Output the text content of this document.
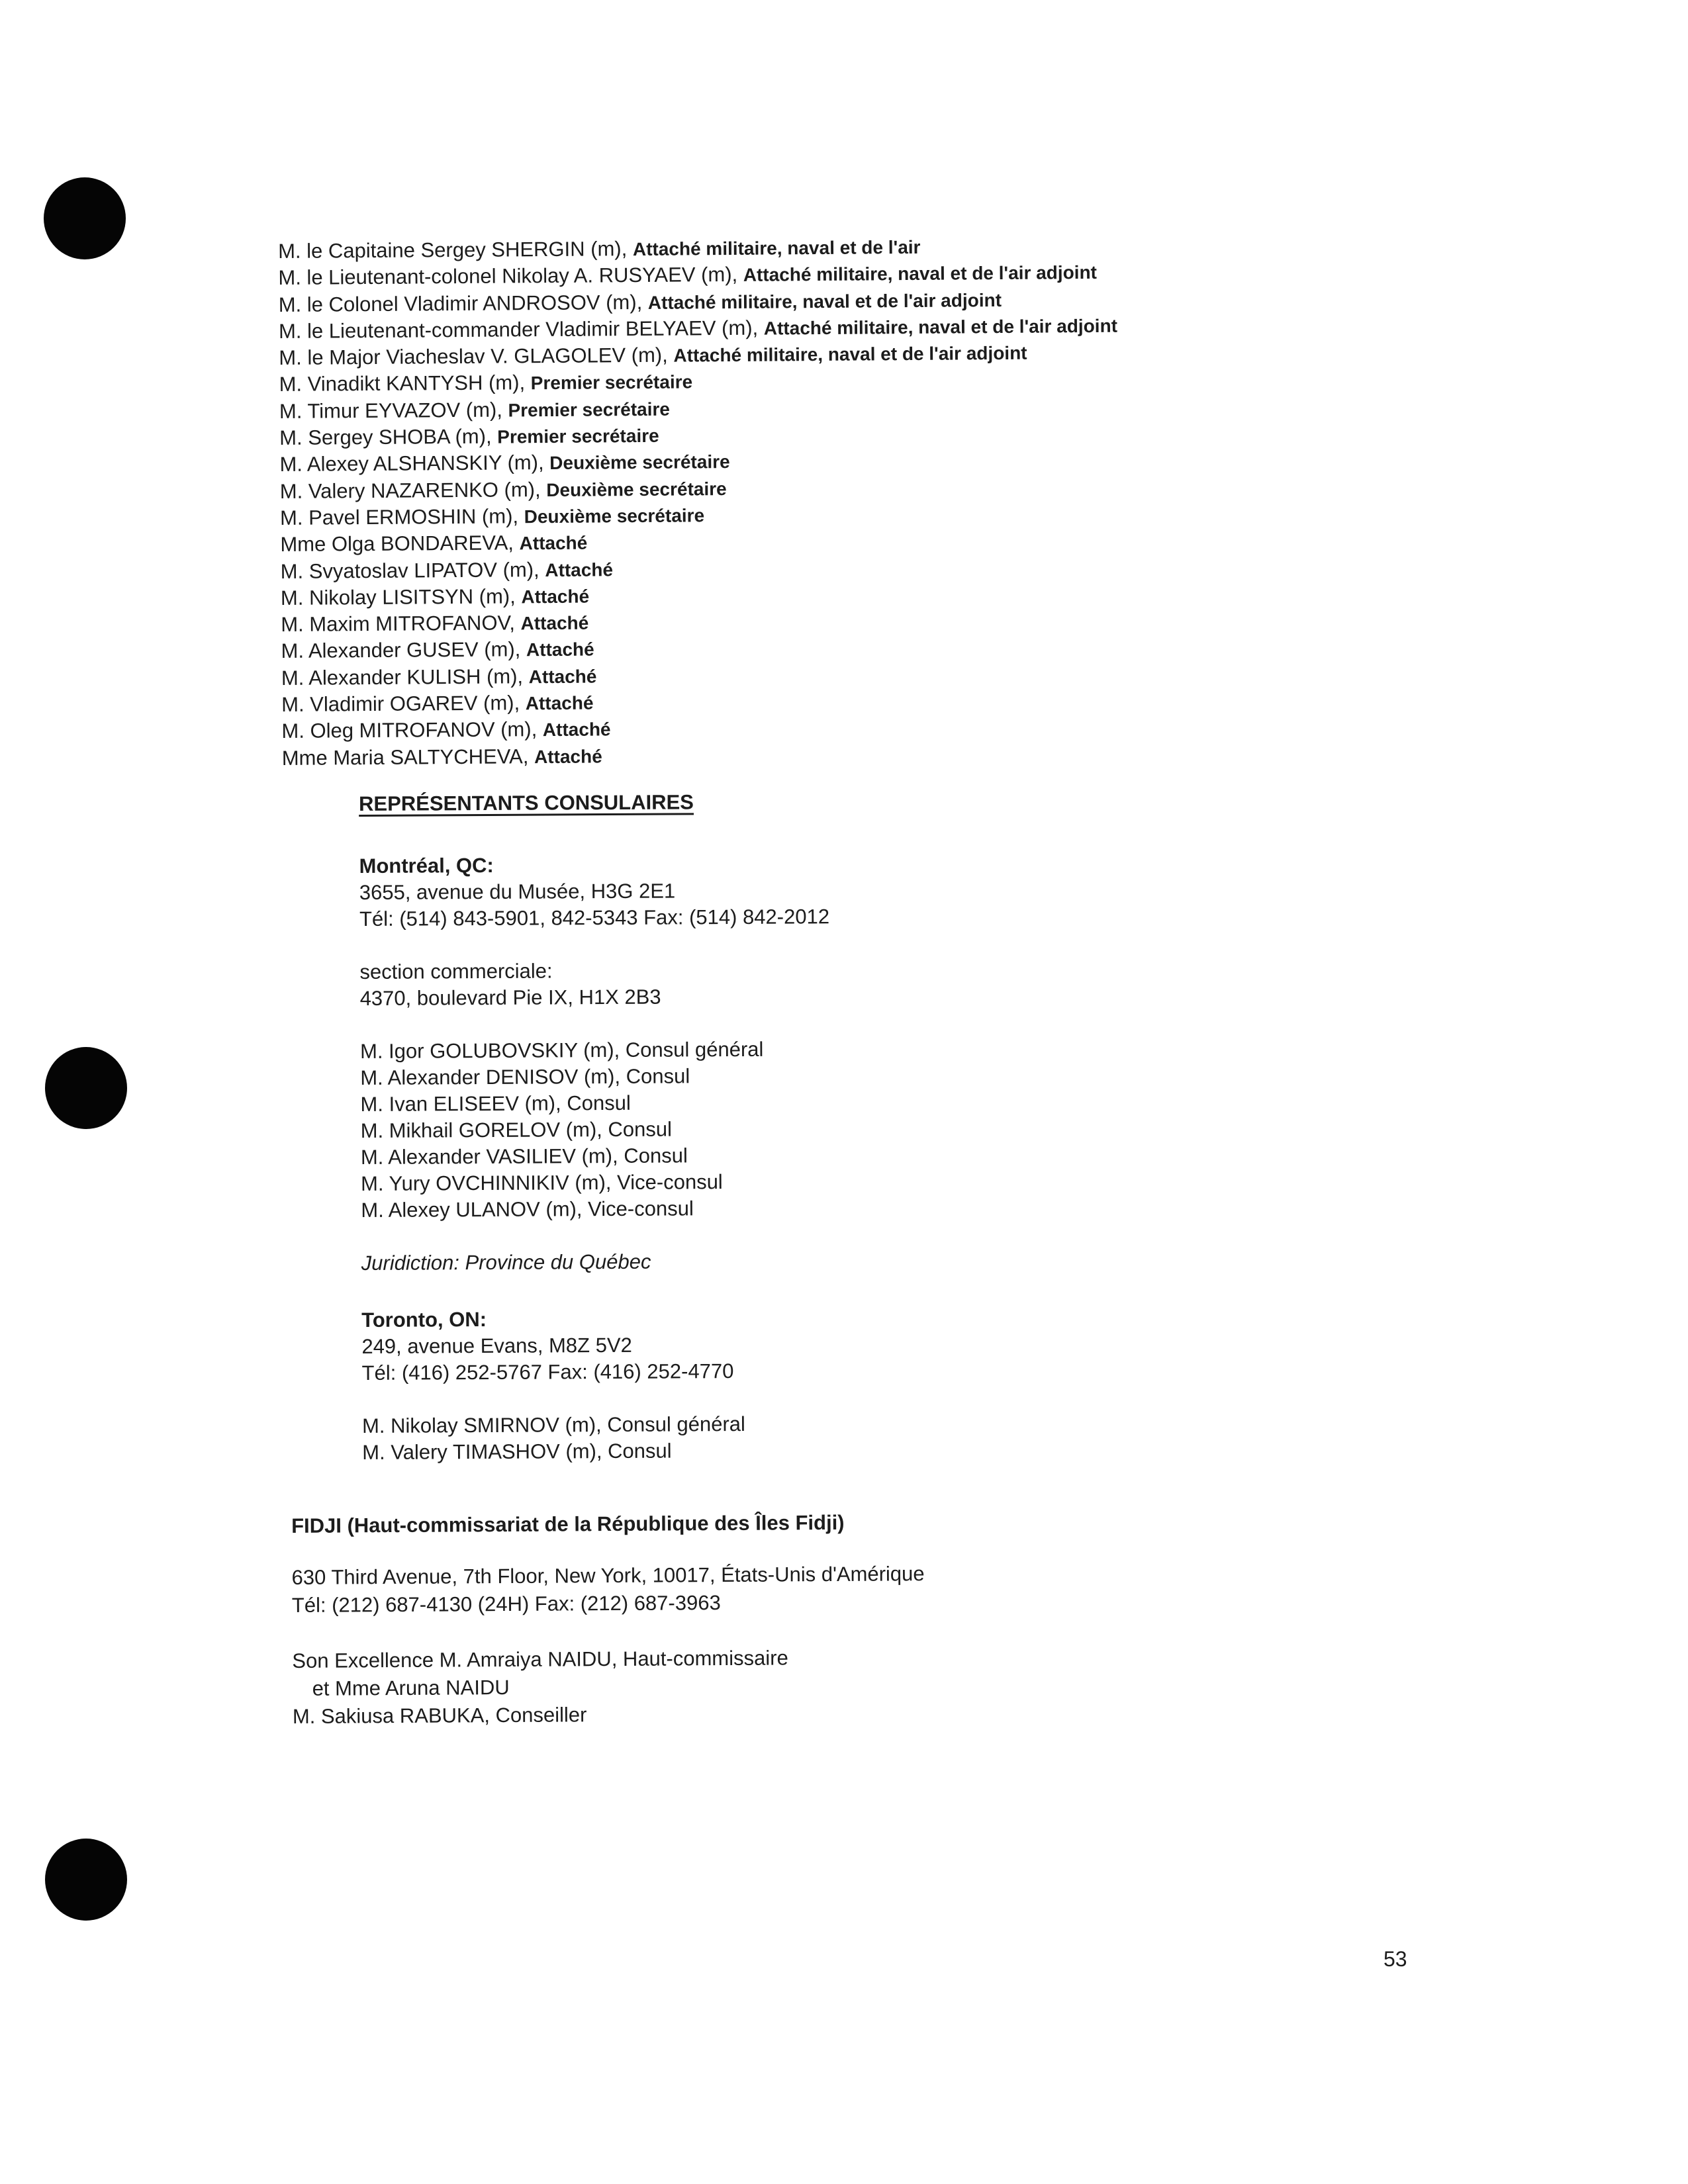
M. le Capitaine Sergey SHERGIN (m), Attaché militaire, naval et de l'air
M. le Lieutenant-colonel Nikolay A. RUSYAEV (m), Attaché militaire, naval et de l'air adjoint
M. le Colonel Vladimir ANDROSOV (m), Attaché militaire, naval et de l'air adjoint
M. le Lieutenant-commander Vladimir BELYAEV (m), Attaché militaire, naval et de l'air adjoint
M. le Major Viacheslav V. GLAGOLEV (m), Attaché militaire, naval et de l'air adjoint
M. Vinadikt KANTYSH (m), Premier secrétaire
M. Timur EYVAZOV (m), Premier secrétaire
M. Sergey SHOBA (m), Premier secrétaire
M. Alexey ALSHANSKIY (m), Deuxième secrétaire
M. Valery NAZARENKO (m), Deuxième secrétaire
M. Pavel ERMOSHIN (m), Deuxième secrétaire
Mme Olga BONDAREVA, Attaché
M. Svyatoslav LIPATOV (m), Attaché
M. Nikolay LISITSYN (m), Attaché
M. Maxim MITROFANOV, Attaché
M. Alexander GUSEV (m), Attaché
M. Alexander KULISH (m), Attaché
M. Vladimir OGAREV (m), Attaché
M. Oleg MITROFANOV (m), Attaché
Mme Maria SALTYCHEVA, Attaché
REPRÉSENTANTS CONSULAIRES
Montréal, QC:
3655, avenue du Musée, H3G 2E1
Tél: (514) 843-5901, 842-5343 Fax: (514) 842-2012
section commerciale:
4370, boulevard Pie IX, H1X 2B3
M. Igor GOLUBOVSKIY (m), Consul général
M. Alexander DENISOV (m), Consul
M. Ivan ELISEEV (m), Consul
M. Mikhail GORELOV (m), Consul
M. Alexander VASILIEV (m), Consul
M. Yury OVCHINNIKIV (m), Vice-consul
M. Alexey ULANOV (m), Vice-consul
Juridiction: Province du Québec
Toronto, ON:
249, avenue Evans, M8Z 5V2
Tél: (416) 252-5767 Fax: (416) 252-4770
M. Nikolay SMIRNOV (m), Consul général
M. Valery TIMASHOV (m), Consul
FIDJI (Haut-commissariat de la République des Îles Fidji)
630 Third Avenue, 7th Floor, New York, 10017, États-Unis d'Amérique
Tél: (212) 687-4130 (24H) Fax: (212) 687-3963
Son Excellence M. Amraiya NAIDU, Haut-commissaire
et Mme Aruna NAIDU
M. Sakiusa RABUKA, Conseiller
53
